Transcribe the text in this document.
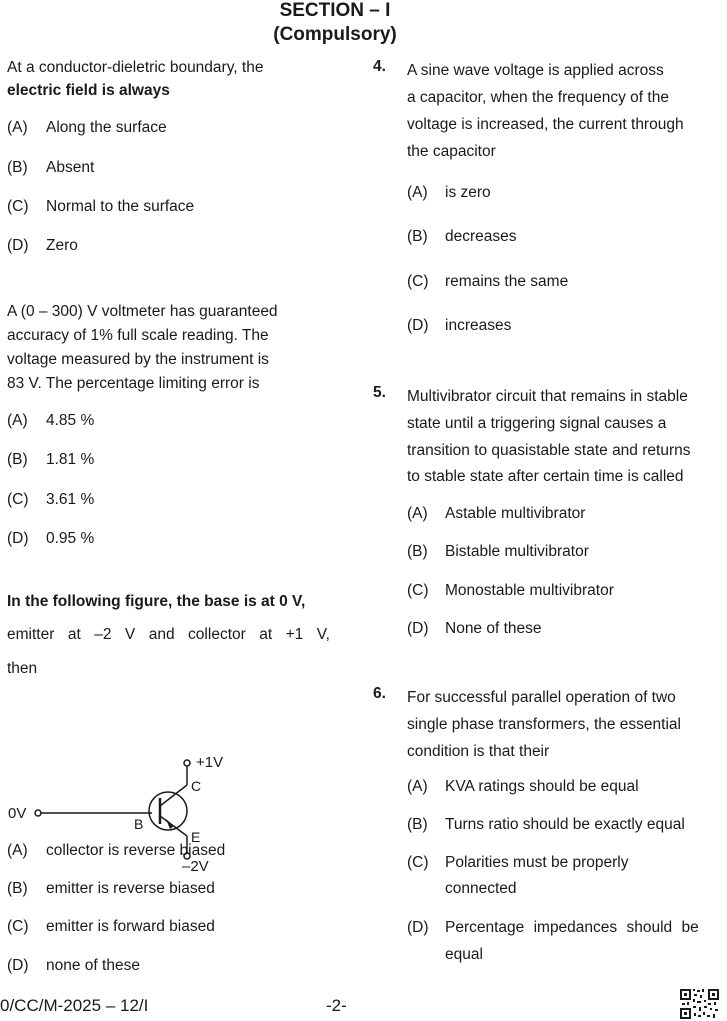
SECTION – I
(Compulsory)
At a conductor-dieletric boundary, the
electric field is always
(A) Along the surface
(B) Absent
(C) Normal to the surface
(D) Zero
A (0 – 300) V voltmeter has guaranteed
accuracy of 1% full scale reading. The
voltage measured by the instrument is
83 V. The percentage limiting error is
(A) 4.85 %
(B) 1.81 %
(C) 3.61 %
(D) 0.95 %
In the following figure, the base is at 0 V,
emitter at –2 V and collector at +1 V,
then
+1V
C
0V
B
E
–2V
(A) collector is reverse biased
(B) emitter is reverse biased
(C) emitter is forward biased
(D) none of these
4. A sine wave voltage is applied across
a capacitor, when the frequency of the
voltage is increased, the current through
the capacitor
(A) is zero
(B) decreases
(C) remains the same
(D) increases
5. Multivibrator circuit that remains in stable
state until a triggering signal causes a
transition to quasistable state and returns
to stable state after certain time is called
(A) Astable multivibrator
(B) Bistable multivibrator
(C) Monostable multivibrator
(D) None of these
6. For successful parallel operation of two
single phase transformers, the essential
condition is that their
(A) KVA ratings should be equal
(B) Turns ratio should be exactly equal
(C) Polarities must be properly
connected
(D) Percentage impedances should be
equal
0/CC/M-2025 – 12/I	-2-
